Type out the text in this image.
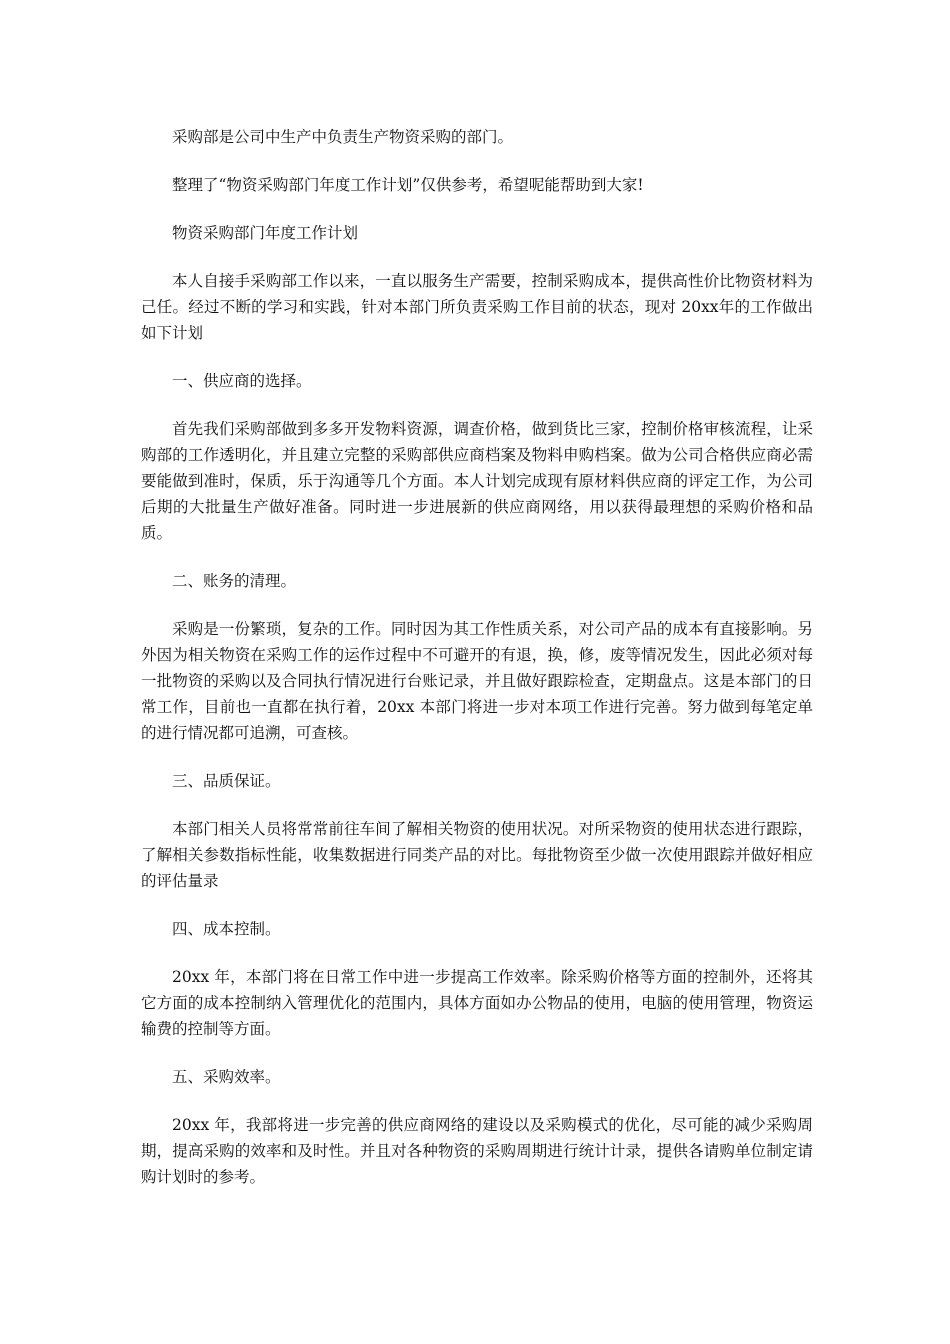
采购部是公司中生产中负责生产物资采购的部门。

整理了“物资采购部门年度工作计划”仅供参考，希望呢能帮助到大家!

物资采购部门年度工作计划

本人自接手采购部工作以来，一直以服务生产需要，控制采购成本，提供高性价比物资材料为己任。经过不断的学习和实践，针对本部门所负责采购工作目前的状态，现对 20xx年的工作做出如下计划

一、供应商的选择。

首先我们采购部做到多多开发物料资源，调查价格，做到货比三家，控制价格审核流程，让采购部的工作透明化，并且建立完整的采购部供应商档案及物料申购档案。做为公司合格供应商必需要能做到准时，保质，乐于沟通等几个方面。本人计划完成现有原材料供应商的评定工作，为公司后期的大批量生产做好准备。同时进一步进展新的供应商网络，用以获得最理想的采购价格和品质。

二、账务的清理。

采购是一份繁琐，复杂的工作。同时因为其工作性质关系，对公司产品的成本有直接影响。另外因为相关物资在采购工作的运作过程中不可避开的有退，换，修，废等情况发生，因此必须对每一批物资的采购以及合同执行情况进行台账记录，并且做好跟踪检查，定期盘点。这是本部门的日常工作，目前也一直都在执行着，20xx 本部门将进一步对本项工作进行完善。努力做到每笔定单的进行情况都可追溯，可查核。

三、品质保证。

本部门相关人员将常常前往车间了解相关物资的使用状况。对所采物资的使用状态进行跟踪，了解相关参数指标性能，收集数据进行同类产品的对比。每批物资至少做一次使用跟踪并做好相应的评估量录

四、成本控制。

20xx 年，本部门将在日常工作中进一步提高工作效率。除采购价格等方面的控制外，还将其它方面的成本控制纳入管理优化的范围内，具体方面如办公物品的使用，电脑的使用管理，物资运输费的控制等方面。

五、采购效率。

20xx 年，我部将进一步完善的供应商网络的建设以及采购模式的优化，尽可能的减少采购周期，提高采购的效率和及时性。并且对各种物资的采购周期进行统计计录，提供各请购单位制定请购计划时的参考。
